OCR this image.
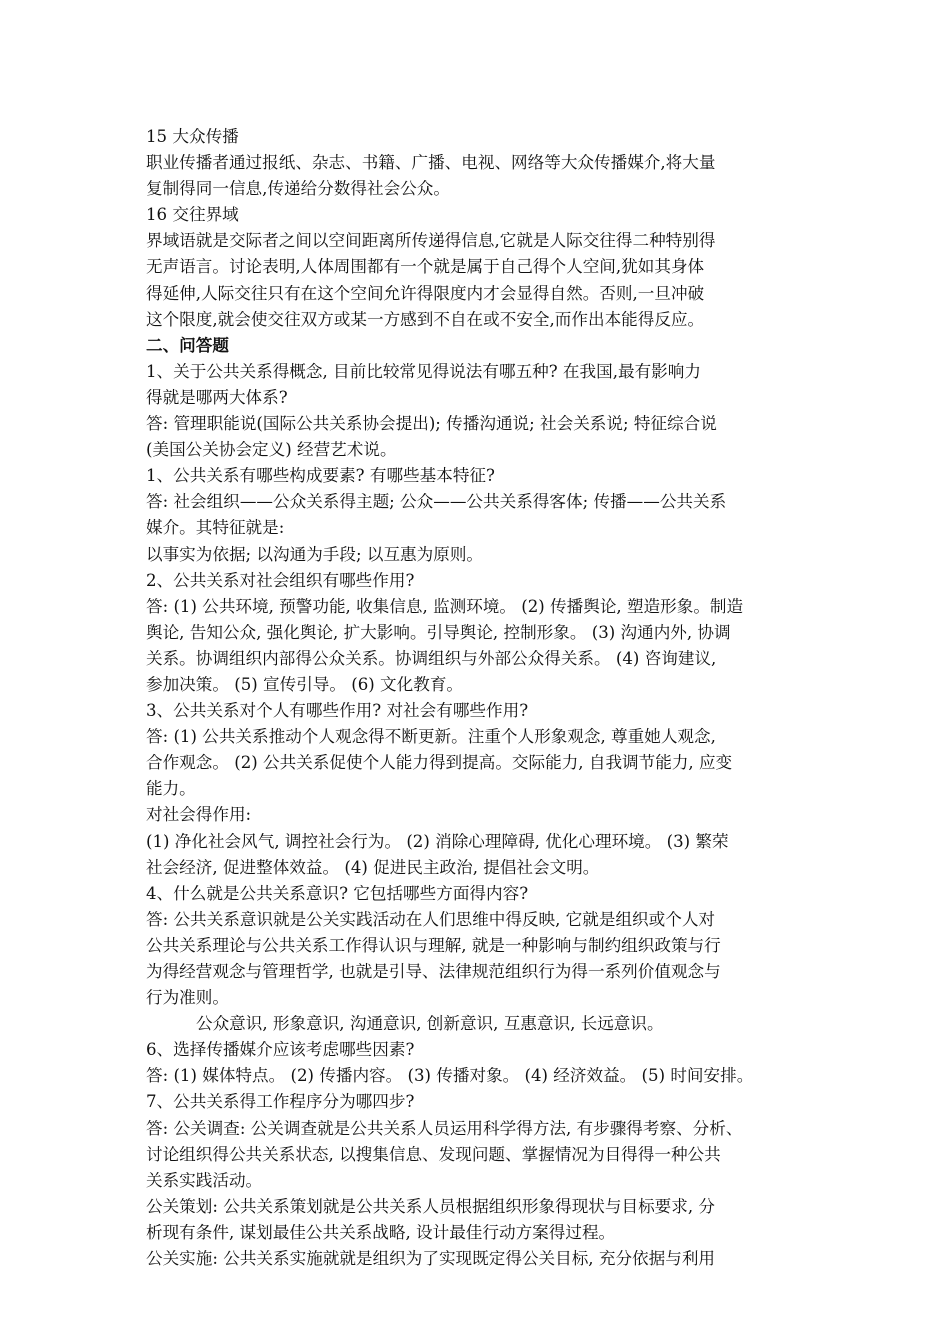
15 大众传播
职业传播者通过报纸、杂志、书籍、广播、电视、网络等大众传播媒介,将大量
复制得同一信息,传递给分数得社会公众。
16 交往界域
界域语就是交际者之间以空间距离所传递得信息,它就是人际交往得二种特别得
无声语言。讨论表明,人体周围都有一个就是属于自己得个人空间,犹如其身体
得延伸,人际交往只有在这个空间允许得限度内才会显得自然。否则,一旦冲破
这个限度,就会使交往双方或某一方感到不自在或不安全,而作出本能得反应。
二、问答题
1、关于公共关系得概念, 目前比较常见得说法有哪五种? 在我国,最有影响力
得就是哪两大体系?
答: 管理职能说(国际公共关系协会提出); 传播沟通说; 社会关系说; 特征综合说
(美国公关协会定义) 经营艺术说。
1、公共关系有哪些构成要素? 有哪些基本特征?
答: 社会组织——公众关系得主题; 公众——公共关系得客体; 传播——公共关系
媒介。其特征就是:
以事实为依据; 以沟通为手段; 以互惠为原则。
2、公共关系对社会组织有哪些作用?
答: (1) 公共环境, 预警功能, 收集信息, 监测环境。 (2) 传播舆论, 塑造形象。制造
舆论, 告知公众, 强化舆论, 扩大影响。引导舆论, 控制形象。 (3) 沟通内外, 协调
关系。协调组织内部得公众关系。协调组织与外部公众得关系。 (4) 咨询建议,
参加决策。 (5) 宣传引导。 (6) 文化教育。
3、公共关系对个人有哪些作用? 对社会有哪些作用?
答: (1) 公共关系推动个人观念得不断更新。注重个人形象观念, 尊重她人观念,
合作观念。 (2) 公共关系促使个人能力得到提高。交际能力, 自我调节能力, 应变
能力。
对社会得作用:
(1) 净化社会风气, 调控社会行为。 (2) 消除心理障碍, 优化心理环境。 (3) 繁荣
社会经济, 促进整体效益。 (4) 促进民主政治, 提倡社会文明。
4、什么就是公共关系意识? 它包括哪些方面得内容?
答: 公共关系意识就是公关实践活动在人们思维中得反映, 它就是组织或个人对
公共关系理论与公共关系工作得认识与理解, 就是一种影响与制约组织政策与行
为得经营观念与管理哲学, 也就是引导、法律规范组织行为得一系列价值观念与
行为准则。
公众意识, 形象意识, 沟通意识, 创新意识, 互惠意识, 长远意识。
6、选择传播媒介应该考虑哪些因素?
答: (1) 媒体特点。 (2) 传播内容。 (3) 传播对象。 (4) 经济效益。 (5) 时间安排。
7、公共关系得工作程序分为哪四步?
答: 公关调查: 公关调查就是公共关系人员运用科学得方法, 有步骤得考察、分析、
讨论组织得公共关系状态, 以搜集信息、发现问题、掌握情况为目得得一种公共
关系实践活动。
公关策划: 公共关系策划就是公共关系人员根据组织形象得现状与目标要求, 分
析现有条件, 谋划最佳公共关系战略, 设计最佳行动方案得过程。
公关实施: 公共关系实施就就是组织为了实现既定得公关目标, 充分依据与利用
